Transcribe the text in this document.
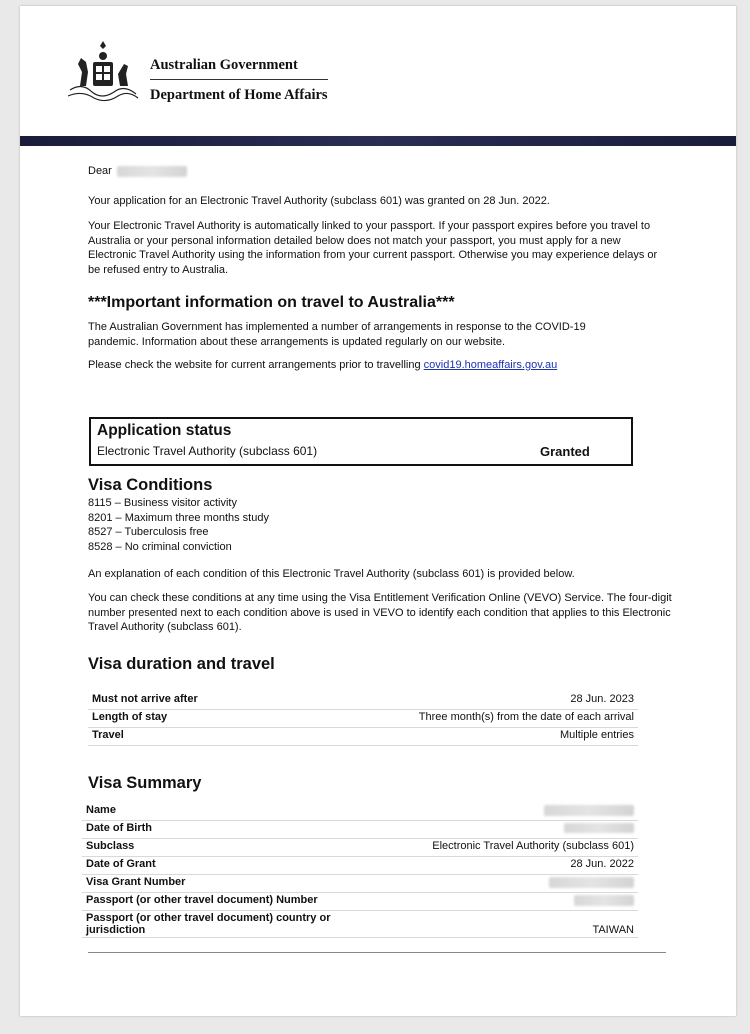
Australian Government
Department of Home Affairs
Dear
Your application for an Electronic Travel Authority (subclass 601) was granted on 28 Jun. 2022.
Your Electronic Travel Authority is automatically linked to your passport. If your passport expires before you travel to Australia or your personal information detailed below does not match your passport, you must apply for a new Electronic Travel Authority using the information from your current passport. Otherwise you may experience delays or be refused entry to Australia.
***Important information on travel to Australia***
The Australian Government has implemented a number of arrangements in response to the COVID-19 pandemic. Information about these arrangements is updated regularly on our website.
Please check the website for current arrangements prior to travelling covid19.homeaffairs.gov.au
Application status
Electronic Travel Authority (subclass 601)	Granted
Visa Conditions
8115 – Business visitor activity
8201 – Maximum three months study
8527 – Tuberculosis free
8528 – No criminal conviction
An explanation of each condition of this Electronic Travel Authority (subclass 601) is provided below.
You can check these conditions at any time using the Visa Entitlement Verification Online (VEVO) Service. The four-digit number presented next to each condition above is used in VEVO to identify each condition that applies to this Electronic Travel Authority (subclass 601).
Visa duration and travel
Must not arrive after	28 Jun. 2023
Length of stay	Three month(s) from the date of each arrival
Travel	Multiple entries
Visa Summary
Name	
Date of Birth	
Subclass	Electronic Travel Authority (subclass 601)
Date of Grant	28 Jun. 2022
Visa Grant Number	
Passport (or other travel document) Number	
Passport (or other travel document) country or jurisdiction	TAIWAN
